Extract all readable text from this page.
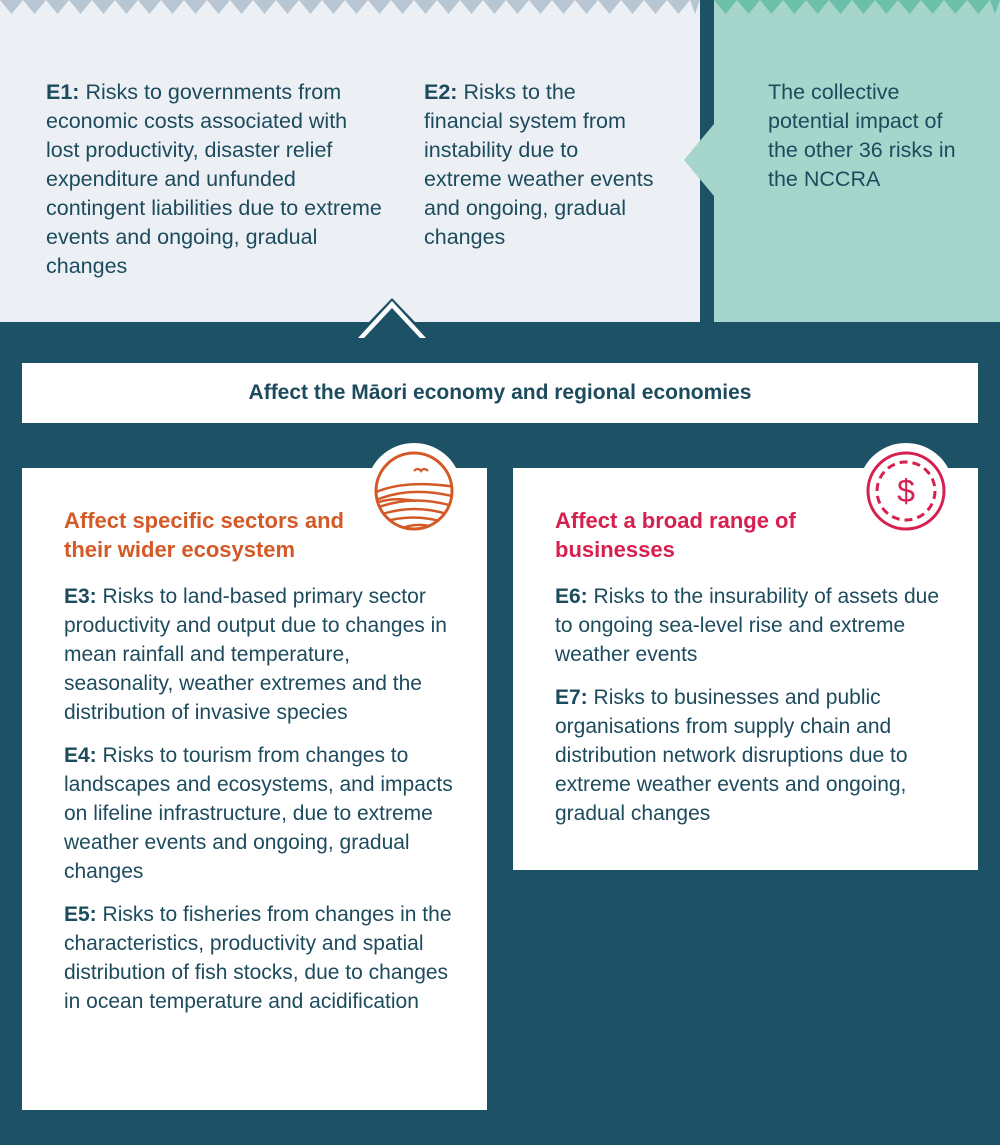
E1: Risks to governments from economic costs associated with lost productivity, disaster relief expenditure and unfunded contingent liabilities due to extreme events and ongoing, gradual changes
E2: Risks to the financial system from instability due to extreme weather events and ongoing, gradual changes
The collective potential impact of the other 36 risks in the NCCRA
Affect the Māori economy and regional economies
Affect specific sectors and their wider ecosystem
E3: Risks to land-based primary sector productivity and output due to changes in mean rainfall and temperature, seasonality, weather extremes and the distribution of invasive species
E4: Risks to tourism from changes to landscapes and ecosystems, and impacts on lifeline infrastructure, due to extreme weather events and ongoing, gradual changes
E5: Risks to fisheries from changes in the characteristics, productivity and spatial distribution of fish stocks, due to changes in ocean temperature and acidification
Affect a broad range of businesses
E6: Risks to the insurability of assets due to ongoing sea-level rise and extreme weather events
E7: Risks to businesses and public organisations from supply chain and distribution network disruptions due to extreme weather events and ongoing, gradual changes
$
